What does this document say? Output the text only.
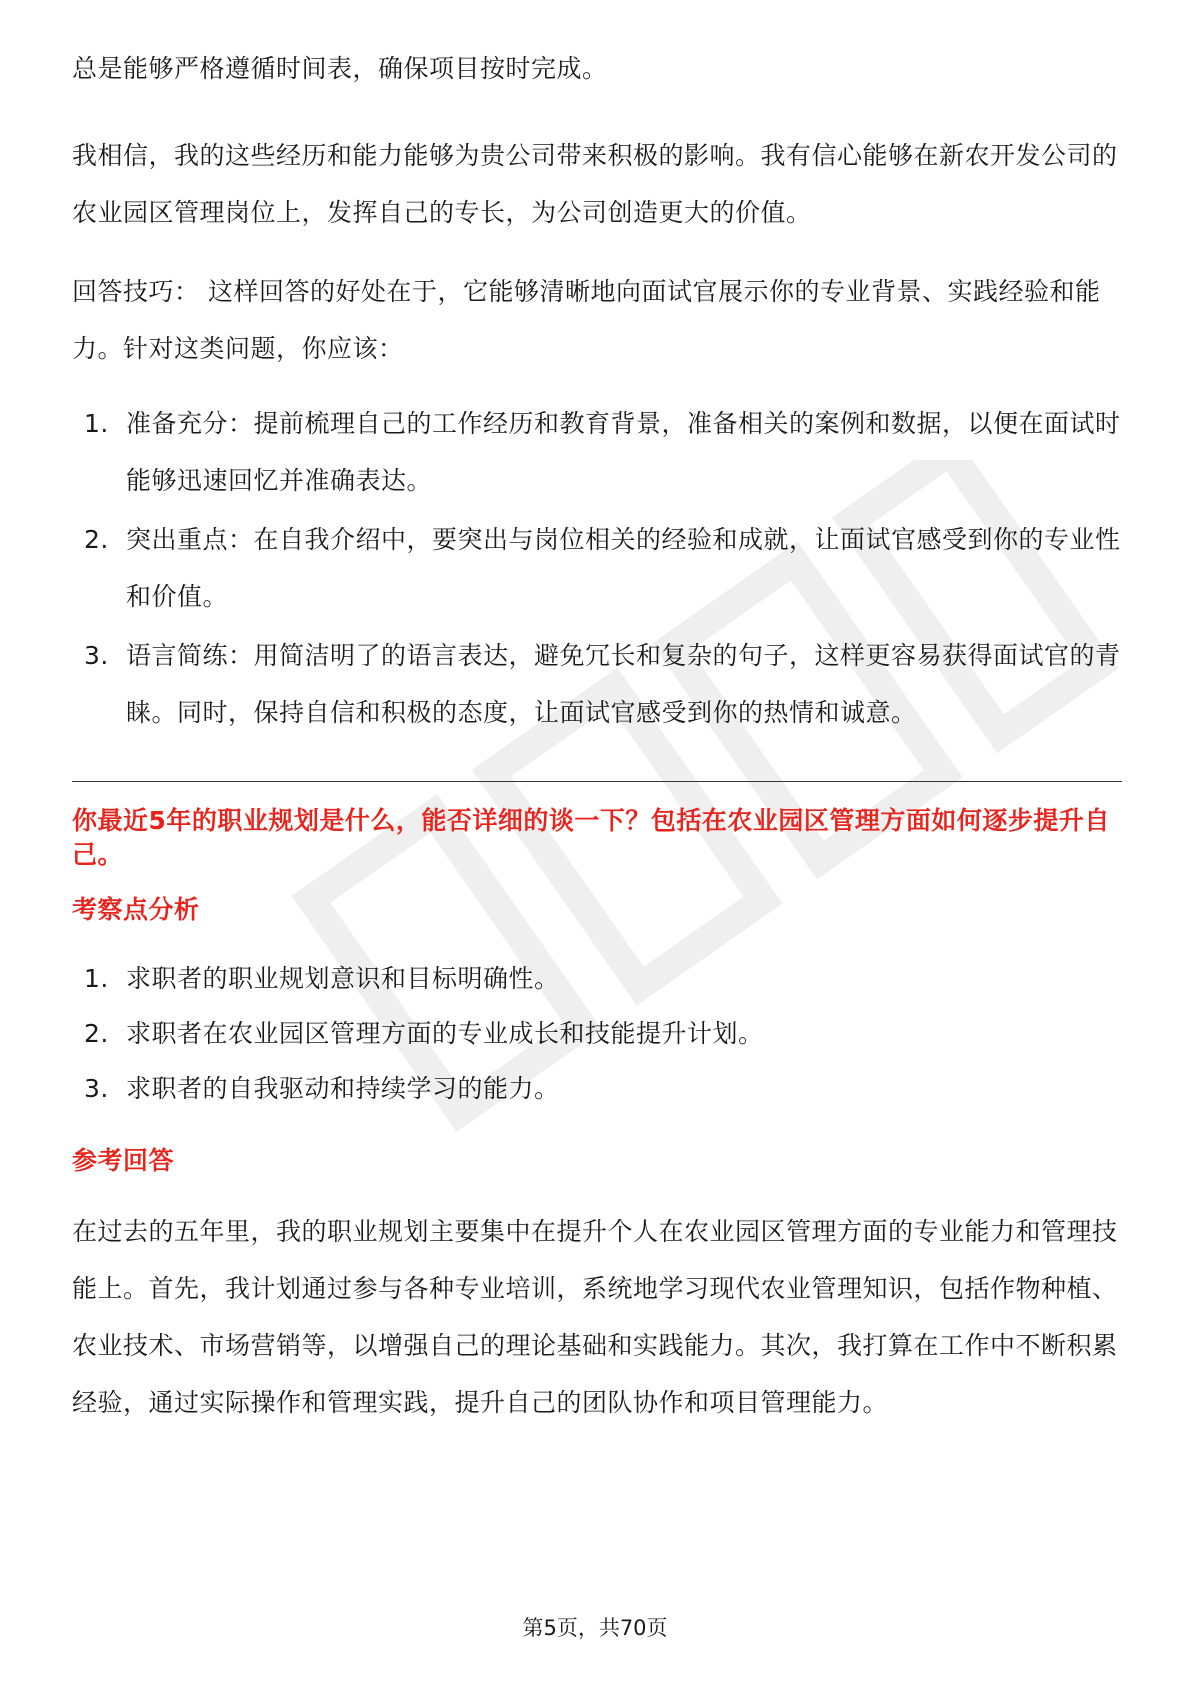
总是能够严格遵循时间表，确保项目按时完成。

我相信，我的这些经历和能力能够为贵公司带来积极的影响。我有信心能够在新农开发公司的农业园区管理岗位上，发挥自己的专长，为公司创造更大的价值。

回答技巧： 这样回答的好处在于，它能够清晰地向面试官展示你的专业背景、实践经验和能力。针对这类问题，你应该：

1. 准备充分：提前梳理自己的工作经历和教育背景，准备相关的案例和数据，以便在面试时能够迅速回忆并准确表达。
2. 突出重点：在自我介绍中，要突出与岗位相关的经验和成就，让面试官感受到你的专业性和价值。
3. 语言简练：用简洁明了的语言表达，避免冗长和复杂的句子，这样更容易获得面试官的青睐。同时，保持自信和积极的态度，让面试官感受到你的热情和诚意。

你最近5年的职业规划是什么，能否详细的谈一下？包括在农业园区管理方面如何逐步提升自己。

考察点分析

1. 求职者的职业规划意识和目标明确性。
2. 求职者在农业园区管理方面的专业成长和技能提升计划。
3. 求职者的自我驱动和持续学习的能力。

参考回答

在过去的五年里，我的职业规划主要集中在提升个人在农业园区管理方面的专业能力和管理技能上。首先，我计划通过参与各种专业培训，系统地学习现代农业管理知识，包括作物种植、农业技术、市场营销等，以增强自己的理论基础和实践能力。其次，我打算在工作中不断积累经验，通过实际操作和管理实践，提升自己的团队协作和项目管理能力。

第5页，共70页
